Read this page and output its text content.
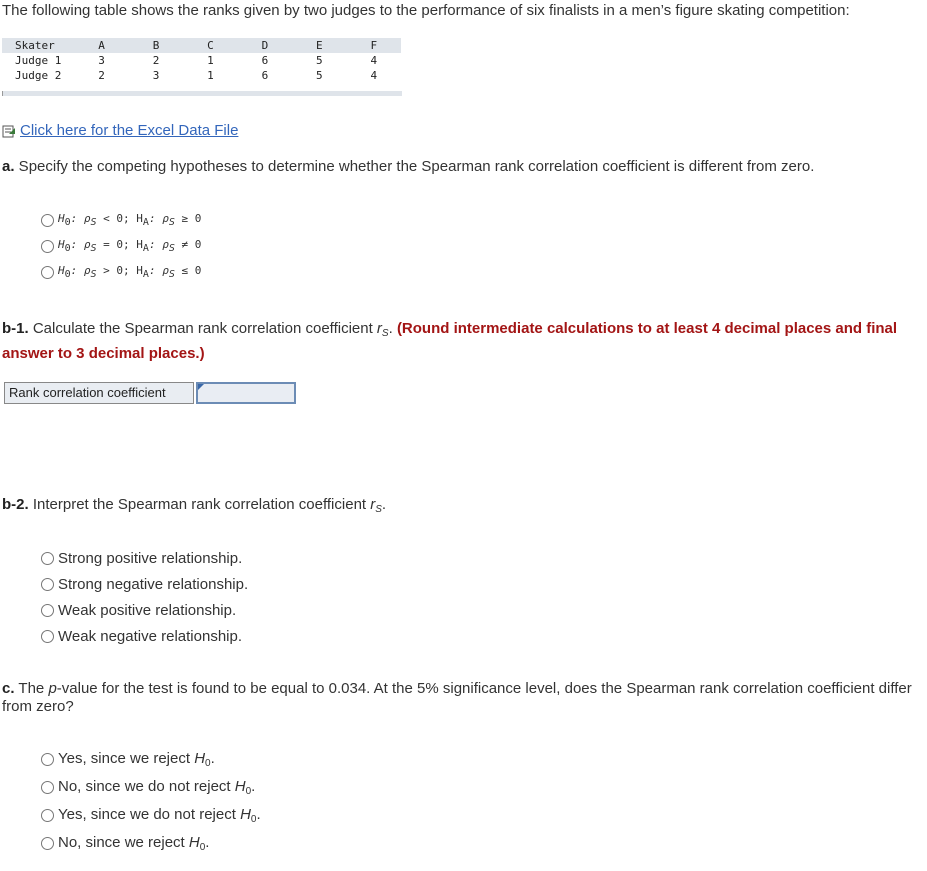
The following table shows the ranks given by two judges to the performance of six finalists in a men’s figure skating competition:
Skater	A	B	C	D	E	F
Judge 1	3	2	1	6	5	4
Judge 2	2	3	1	6	5	4
Click here for the Excel Data File
a. Specify the competing hypotheses to determine whether the Spearman rank correlation coefficient is different from zero.
H0: ρS < 0; HA: ρS ≥ 0
H0: ρS = 0; HA: ρS ≠ 0
H0: ρS > 0; HA: ρS ≤ 0
b-1. Calculate the Spearman rank correlation coefficient $r_S$. (Round intermediate calculations to at least 4 decimal places and final answer to 3 decimal places.)
Rank correlation coefficient
b-2. Interpret the Spearman rank correlation coefficient $r_S$.
Strong positive relationship.
Strong negative relationship.
Weak positive relationship.
Weak negative relationship.
c. The p-value for the test is found to be equal to 0.034. At the 5% significance level, does the Spearman rank correlation coefficient differ from zero?
Yes, since we reject $H_0$.
No, since we do not reject $H_0$.
Yes, since we do not reject $H_0$.
No, since we reject $H_0$.
